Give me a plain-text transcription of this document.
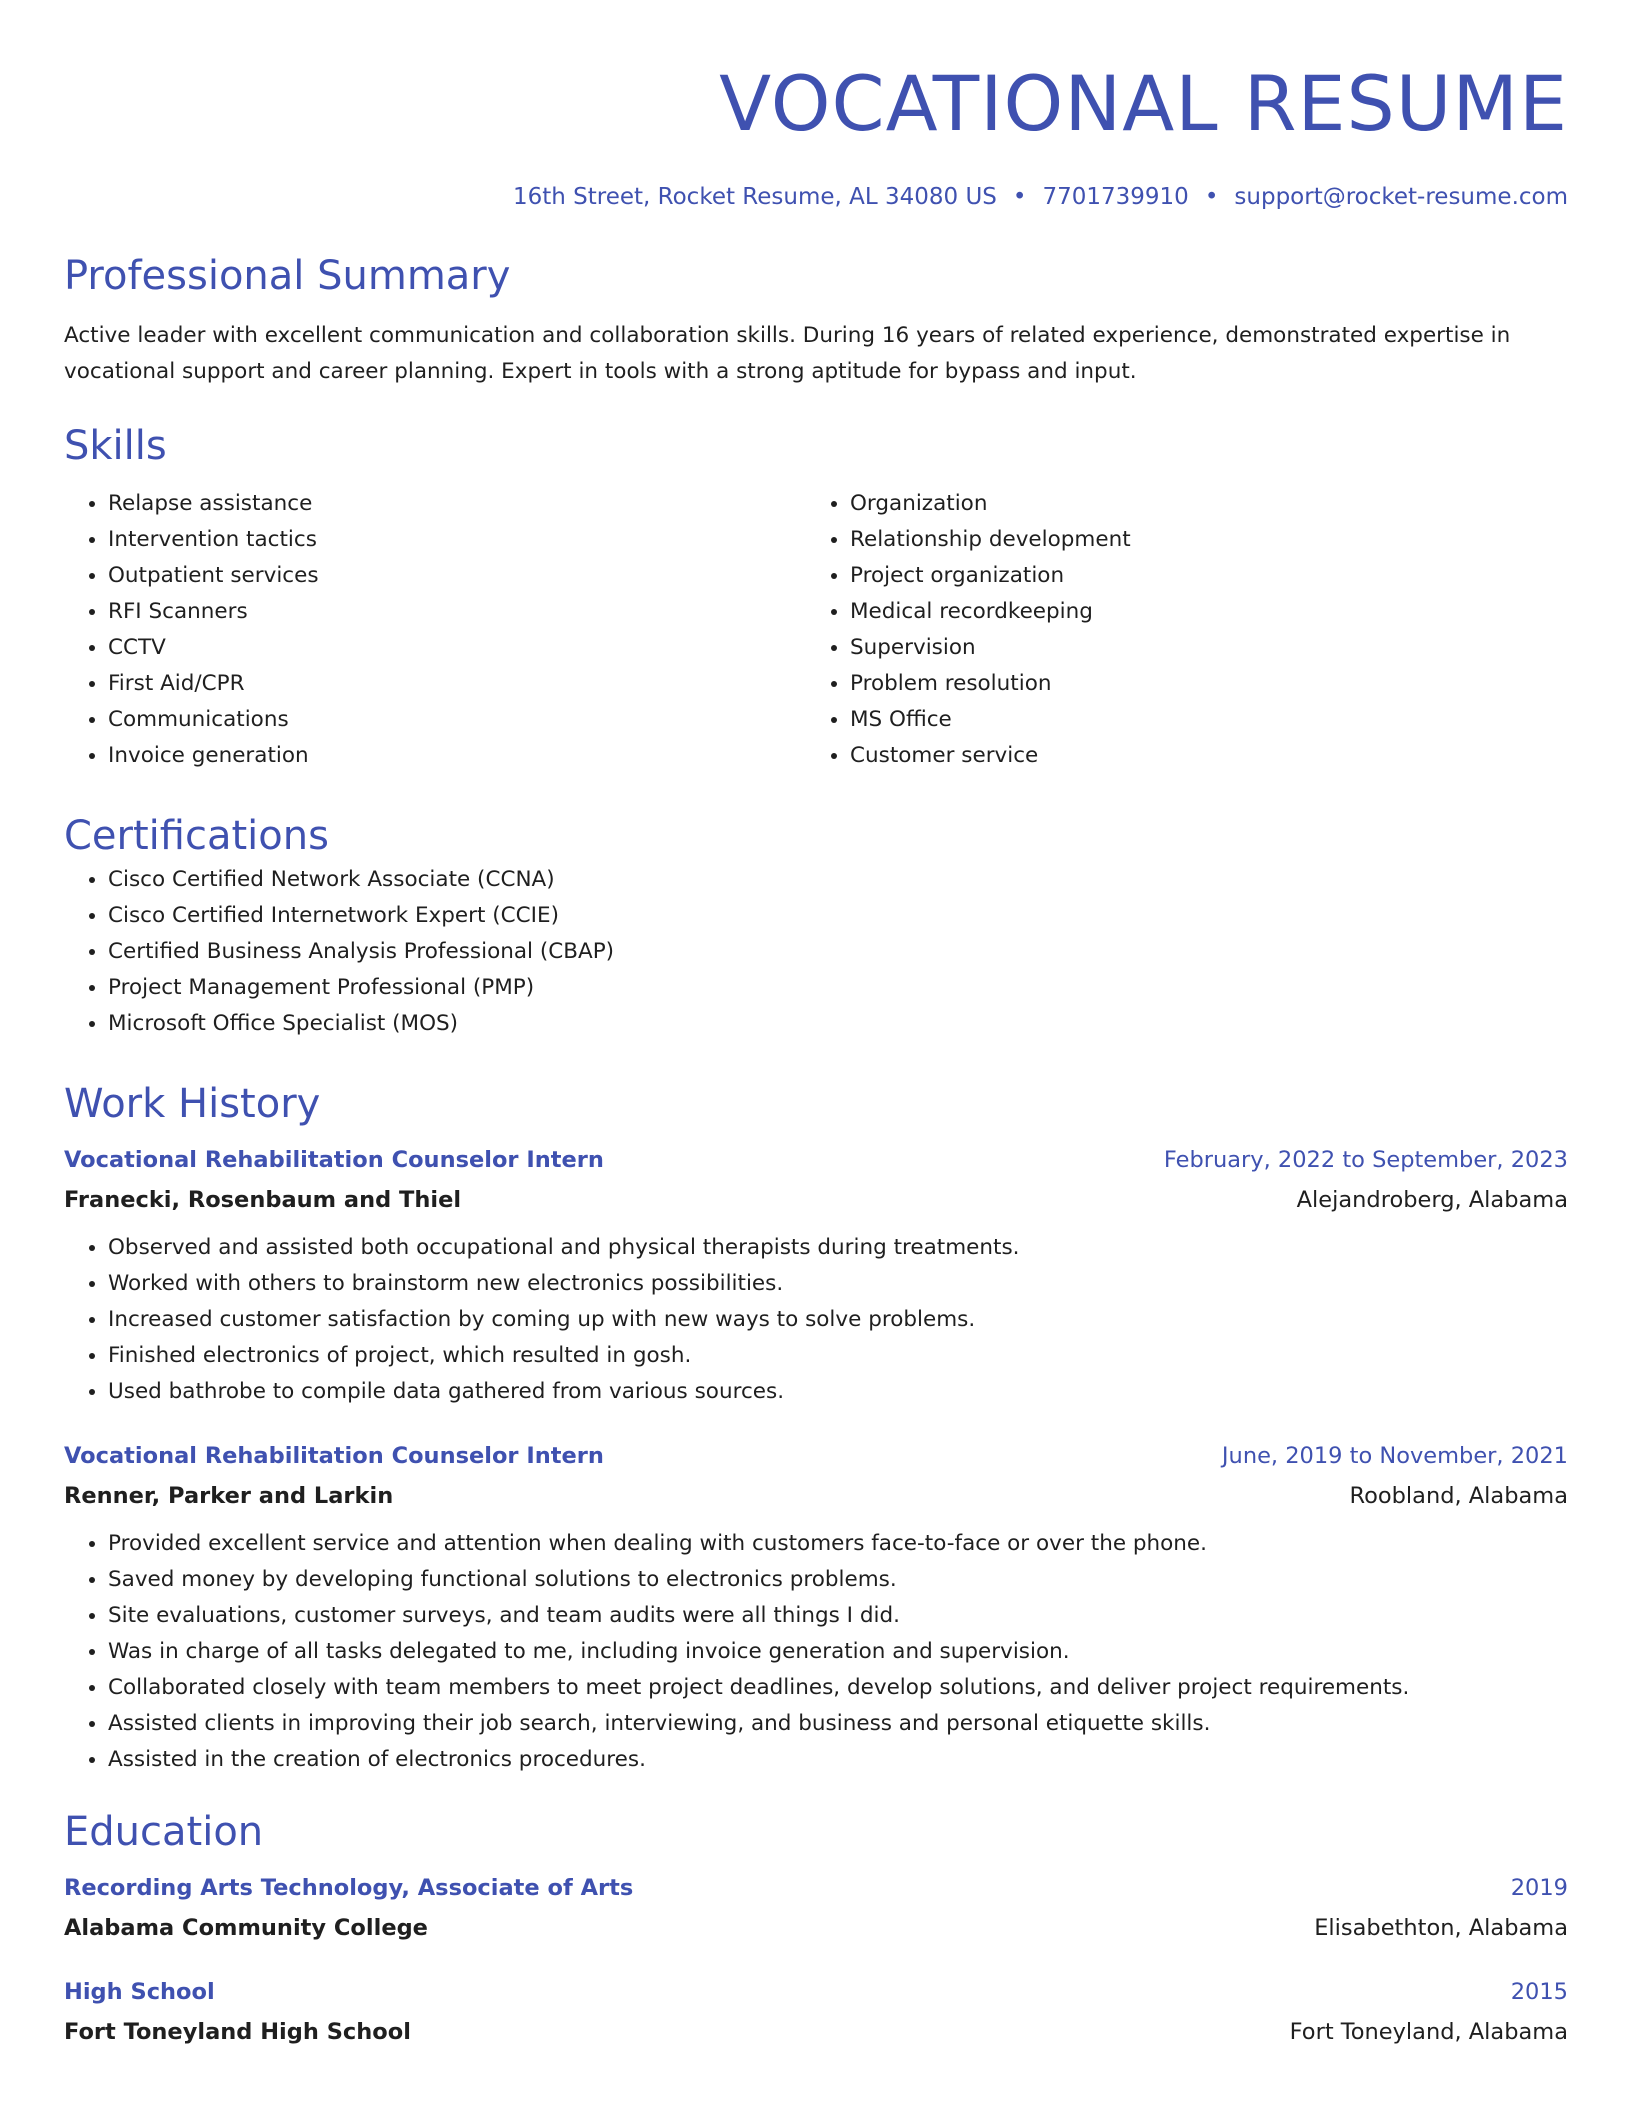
VOCATIONAL RESUME
16th Street, Rocket Resume, AL 34080 US • 7701739910 • support@rocket-resume.com
Professional Summary

Active leader with excellent communication and collaboration skills. During 16 years of related experience, demonstrated expertise in vocational support and career planning. Expert in tools with a strong aptitude for bypass and input.

Skills
• Relapse assistance
• Intervention tactics
• Outpatient services
• RFI Scanners
• CCTV
• First Aid/CPR
• Communications
• Invoice generation
• Organization
• Relationship development
• Project organization
• Medical recordkeeping
• Supervision
• Problem resolution
• MS Office
• Customer service
Certifications
• Cisco Certified Network Associate (CCNA)
• Cisco Certified Internetwork Expert (CCIE)
• Certified Business Analysis Professional (CBAP)
• Project Management Professional (PMP)
• Microsoft Office Specialist (MOS)
Work History
Vocational Rehabilitation Counselor Intern	February, 2022 to September, 2023
Franecki, Rosenbaum and Thiel	Alejandroberg, Alabama
• Observed and assisted both occupational and physical therapists during treatments.
• Worked with others to brainstorm new electronics possibilities.
• Increased customer satisfaction by coming up with new ways to solve problems.
• Finished electronics of project, which resulted in gosh.
• Used bathrobe to compile data gathered from various sources.
Vocational Rehabilitation Counselor Intern	June, 2019 to November, 2021
Renner, Parker and Larkin	Roobland, Alabama
• Provided excellent service and attention when dealing with customers face-to-face or over the phone.
• Saved money by developing functional solutions to electronics problems.
• Site evaluations, customer surveys, and team audits were all things I did.
• Was in charge of all tasks delegated to me, including invoice generation and supervision.
• Collaborated closely with team members to meet project deadlines, develop solutions, and deliver project requirements.
• Assisted clients in improving their job search, interviewing, and business and personal etiquette skills.
• Assisted in the creation of electronics procedures.
Education
Recording Arts Technology, Associate of Arts	2019
Alabama Community College	Elisabethton, Alabama
High School	2015
Fort Toneyland High School	Fort Toneyland, Alabama
